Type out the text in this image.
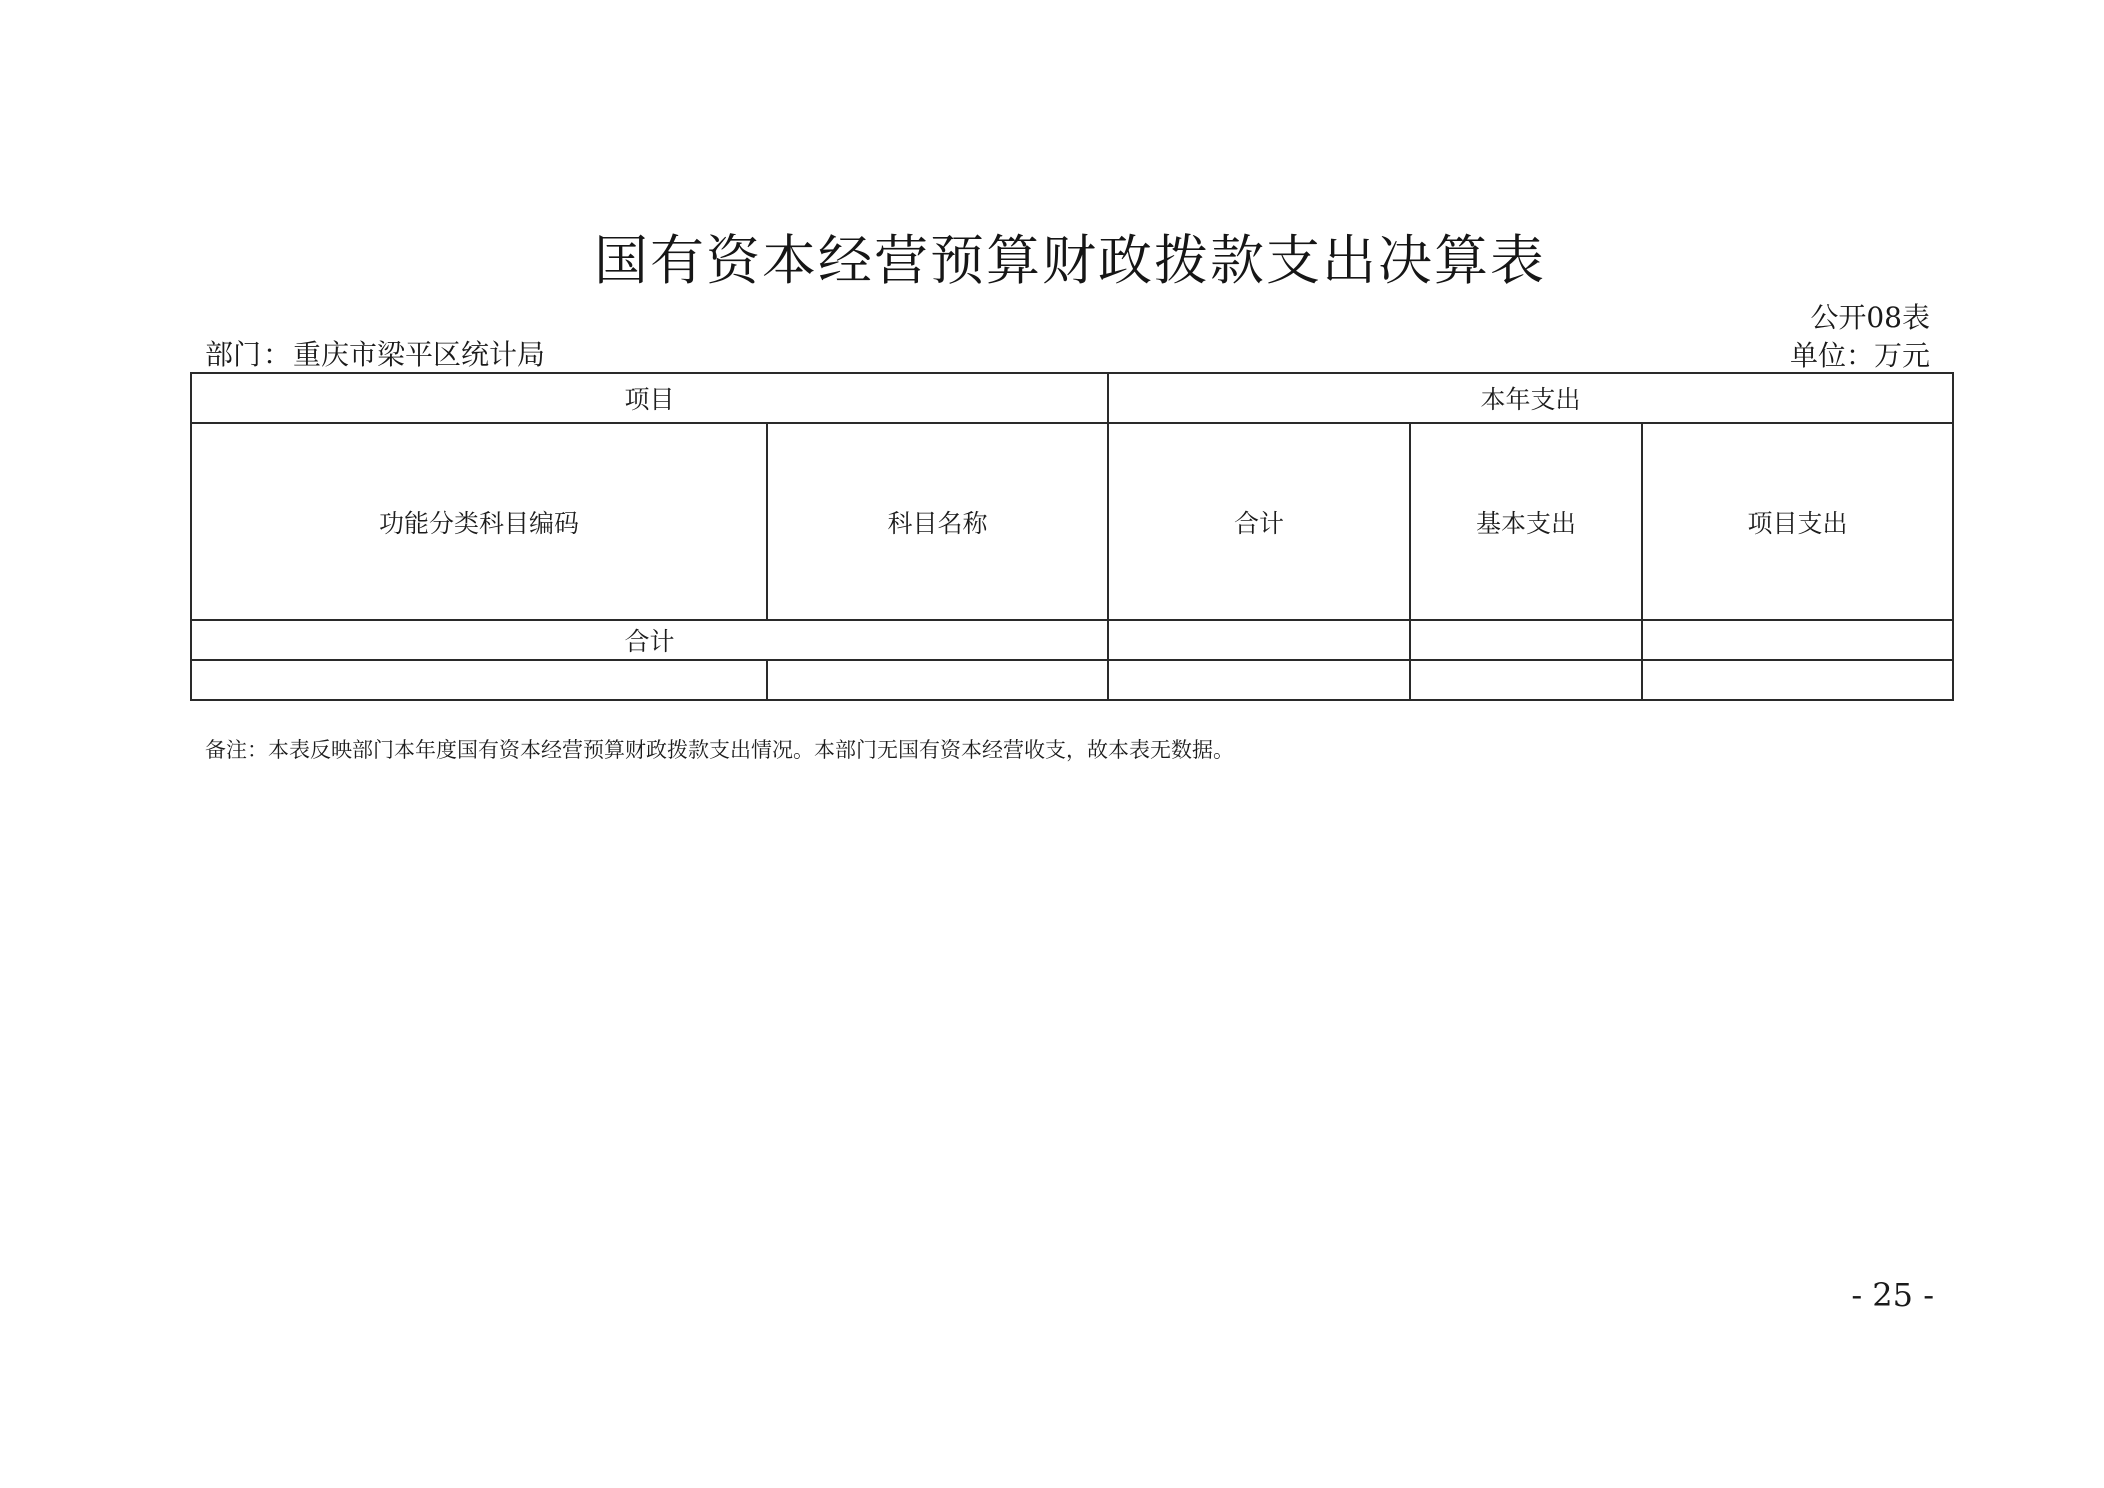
国有资本经营预算财政拨款支出决算表
公开08表
单位：万元
部门：重庆市梁平区统计局
项目		本年支出		
功能分类科目编码	科目名称	合计	基本支出	项目支出
合计				

备注：本表反映部门本年度国有资本经营预算财政拨款支出情况。本部门无国有资本经营收支，故本表无数据。
- 25 -
